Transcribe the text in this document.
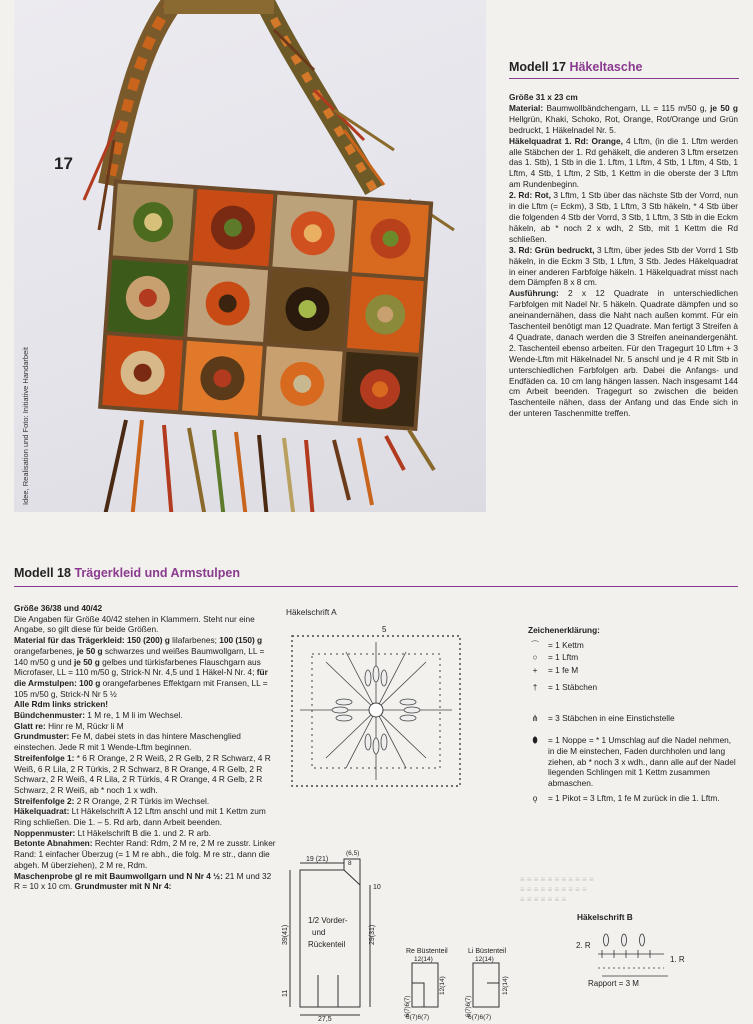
17
Idee, Realisation und Foto: Initiative Handarbeit
Modell 17 Häkeltasche

Größe 31 x 23 cm

Material: Baumwollbändchengarn, LL = 115 m/50 g, je 50 g Hellgrün, Khaki, Schoko, Rot, Orange, Rot/Orange und Grün bedruckt, 1 Häkelnadel Nr. 5.

Häkelquadrat 1. Rd: Orange, 4 Lftm, (in die 1. Lftm werden alle Stäbchen der 1. Rd gehäkelt, die anderen 3 Lftm ersetzen das 1. Stb), 1 Stb in die 1. Lftm, 1 Lftm, 4 Stb, 1 Lftm, 4 Stb, 1 Lftm, 4 Stb, 1 Lftm, 2 Stb, 1 Kettm in die oberste der 3 Lftm am Rundenbeginn.

2. Rd: Rot, 3 Lftm, 1 Stb über das nächste Stb der Vorrd, nun in die Lftm (= Eckm), 3 Stb, 1 Lftm, 3 Stb häkeln, * 4 Stb über die folgenden 4 Stb der Vorrd, 3 Stb, 1 Lftm, 3 Stb in die Eckm häkeln, ab * noch 2 x wdh, 2 Stb, mit 1 Kettm die Rd schließen.

3. Rd: Grün bedruckt, 3 Lftm, über jedes Stb der Vorrd 1 Stb häkeln, in die Eckm 3 Stb, 1 Lftm, 3 Stb. Jedes Häkelquadrat in einer anderen Farbfolge häkeln. 1 Häkelquadrat misst nach dem Dämpfen 8 x 8 cm.

Ausführung: 2 x 12 Quadrate in unterschiedlichen Farbfolgen mit Nadel Nr. 5 häkeln. Quadrate dämpfen und so aneinandernähen, dass die Naht nach außen kommt. Für ein Taschenteil benötigt man 12 Quadrate. Man fertigt 3 Streifen à 4 Quadrate, danach werden die 3 Streifen aneinandergenäht. 2. Taschenteil ebenso arbeiten. Für den Tragegurt 10 Lftm + 3 Wende-Lftm mit Häkelnadel Nr. 5 anschl und je 4 R mit Stb in unterschiedlichen Farbfolgen arb. Dabei die Anfangs- und Endfäden ca. 10 cm lang hängen lassen. Nach insgesamt 144 cm Arbeit beenden. Tragegurt so zwischen die beiden Taschenteile nähen, dass der Anfang und das Ende sich in der unteren Taschenmitte treffen.

Modell 18 Trägerkleid und Armstulpen

Größe 36/38 und 40/42

Die Angaben für Größe 40/42 stehen in Klammern. Steht nur eine Angabe, so gilt diese für beide Größen.

Material für das Trägerkleid: 150 (200) g lilafarbenes; 100 (150) g orangefarbenes, je 50 g schwarzes und weißes Baumwollgarn, LL = 140 m/50 g und je 50 g gelbes und türkisfarbenes Flauschgarn aus Microfaser, LL = 110 m/50 g, Strick-N Nr. 4,5 und 1 Häkel-N Nr. 4; für die Armstulpen: 100 g orangefarbenes Effektgarn mit Fransen, LL = 105 m/50 g, Strick-N Nr 5 ½

Alle Rdm links stricken!

Bündchenmuster: 1 M re, 1 M li im Wechsel.

Glatt re: Hinr re M, Rückr li M

Grundmuster: Fe M, dabei stets in das hintere Maschenglied einstechen. Jede R mit 1 Wende-Lftm beginnen.

Streifenfolge 1: * 6 R Orange, 2 R Weiß, 2 R Gelb, 2 R Schwarz, 4 R Weiß, 6 R Lila, 2 R Türkis, 2 R Schwarz, 8 R Orange, 4 R Gelb, 2 R Schwarz, 2 R Weiß, 4 R Lila, 2 R Türkis, 4 R Orange, 4 R Gelb, 2 R Schwarz, 2 R Weiß, ab * noch 1 x wdh.

Streifenfolge 2: 2 R Orange, 2 R Türkis im Wechsel.

Häkelquadrat: Lt Häkelschrift A 12 Lftm anschl und mit 1 Kettm zum Ring schließen. Die 1. – 5. Rd arb, dann Arbeit beenden.

Noppenmuster: Lt Häkelschrift B die 1. und 2. R arb.

Betonte Abnahmen: Rechter Rand: Rdm, 2 M re, 2 M re zusstr. Linker Rand: 1 einfacher Überzug (= 1 M re abh., die folg. M re str., dann die abgeh. M überziehen), 2 M re, Rdm.

Maschenprobe gl re mit Baumwollgarn und N Nr 4 ½: 21 M und 32 R = 10 x 10 cm. Grundmuster mit N Nr 4:

Häkelschrift A
5	Zeichenerklärung:
⌒	= 1 Kettm
○	= 1 Lftm
+	= 1 fe M
†	= 1 Stäbchen
⋔	= 3 Stäbchen in eine Einstichstelle
⬮	= 1 Noppe = * 1 Umschlag auf die Nadel nehmen, in die M einstechen, Faden durchholen und lang ziehen, ab * noch 3 x wdh., dann alle auf der Nadel liegenden Schlingen mit 1 Kettm zusammen abmaschen.
ǫ	= 1 Pikot = 3 Lftm, 1 fe M zurück in die 1. Lftm.
≡ ≡ ≡ ≡ ≡ ≡ ≡ ≡ ≡ ≡ ≡
≡ ≡ ≡ ≡ ≡ ≡ ≡ ≡ ≡ ≡
≡ ≡ ≡ ≡ ≡ ≡ ≡
19 (21)
(6,5)
8
10
29(31)
39(41)
11
27,5
1/2 Vorder-
und
Rückenteil
Re Büstenteil	Li Büstenteil
12(14)	12(14)
12(14)	12(14)
6(7)6(7)	6(7)6(7)
6(7)6(7)	6(7)6(7)
Häkelschrift B
2. R
1. R
Rapport = 3 M
